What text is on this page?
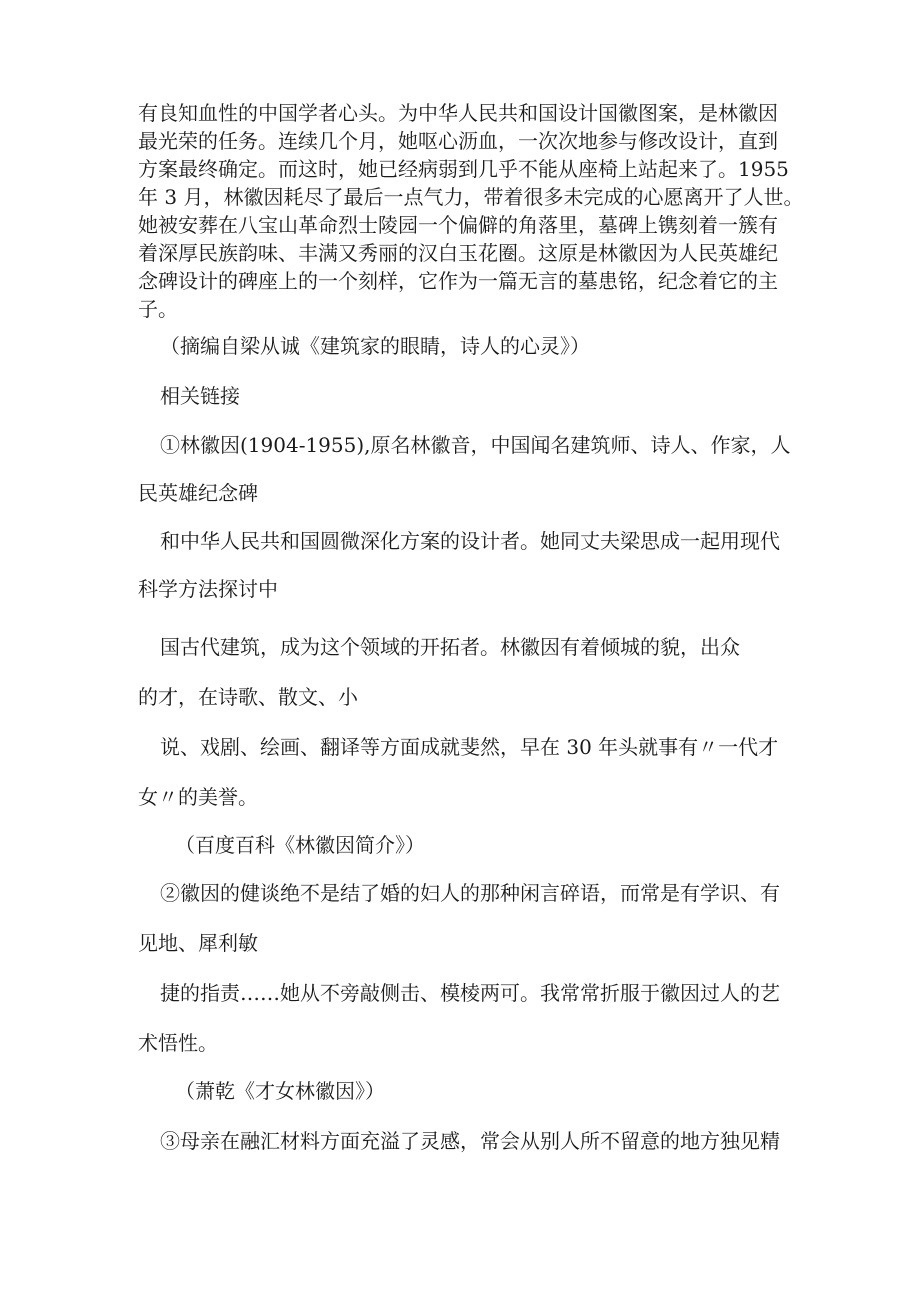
有良知血性的中国学者心头。为中华人民共和国设计国徽图案，是林徽因

最光荣的任务。连续几个月，她呕心沥血，一次次地参与修改设计，直到

方案最终确定。而这时，她已经病弱到几乎不能从座椅上站起来了。1955

年 3 月，林徽因耗尽了最后一点气力，带着很多未完成的心愿离开了人世。

她被安葬在八宝山革命烈士陵园一个偏僻的角落里，墓碑上镌刻着一簇有

着深厚民族韵味、丰满又秀丽的汉白玉花圈。这原是林徽因为人民英雄纪

念碑设计的碑座上的一个刻样，它作为一篇无言的墓患铭，纪念着它的主

子。

（摘编自梁从诚《建筑家的眼睛，诗人的心灵》）

相关链接

①林徽因(1904-1955),原名林徽音，中国闻名建筑师、诗人、作家，人

民英雄纪念碑

和中华人民共和国圆微深化方案的设计者。她同丈夫梁思成一起用现代

科学方法探讨中

国古代建筑，成为这个领域的开拓者。林徽因有着倾城的貌，出众

的才，在诗歌、散文、小

说、戏剧、绘画、翻译等方面成就斐然，早在 30 年头就事有〃一代才

女〃的美誉。

（百度百科《林徽因简介》）

②徽因的健谈绝不是结了婚的妇人的那种闲言碎语，而常是有学识、有

见地、犀利敏

捷的指责……她从不旁敲侧击、模棱两可。我常常折服于徽因过人的艺

术悟性。

（萧乾《才女林徽因》）

③母亲在融汇材料方面充溢了灵感，常会从别人所不留意的地方独见精
